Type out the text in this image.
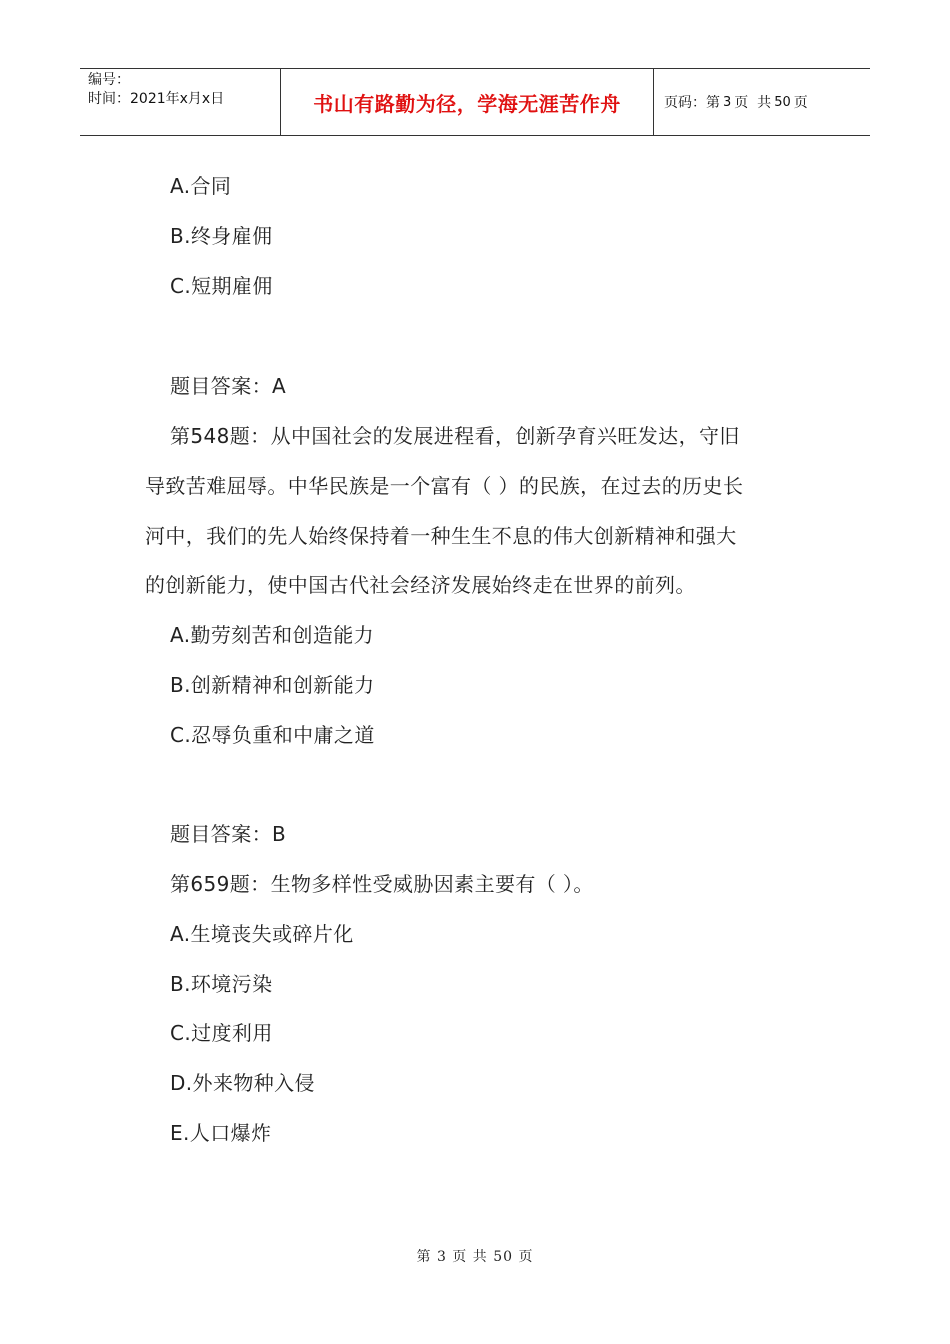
编号：
时间：2021年x月x日	书山有路勤为径，学海无涯苦作舟	页码：第 3 页  共 50 页
A.合同
B.终身雇佣
C.短期雇佣
题目答案：A
第548题：从中国社会的发展进程看，创新孕育兴旺发达，守旧
导致苦难屈辱。中华民族是一个富有（ ）的民族，在过去的历史长
河中，我们的先人始终保持着一种生生不息的伟大创新精神和强大
的创新能力，使中国古代社会经济发展始终走在世界的前列。
A.勤劳刻苦和创造能力
B.创新精神和创新能力
C.忍辱负重和中庸之道
题目答案：B
第659题：生物多样性受威胁因素主要有（ ）。
A.生境丧失或碎片化
B.环境污染
C.过度利用
D.外来物种入侵
E.人口爆炸
第 3 页 共 50 页
